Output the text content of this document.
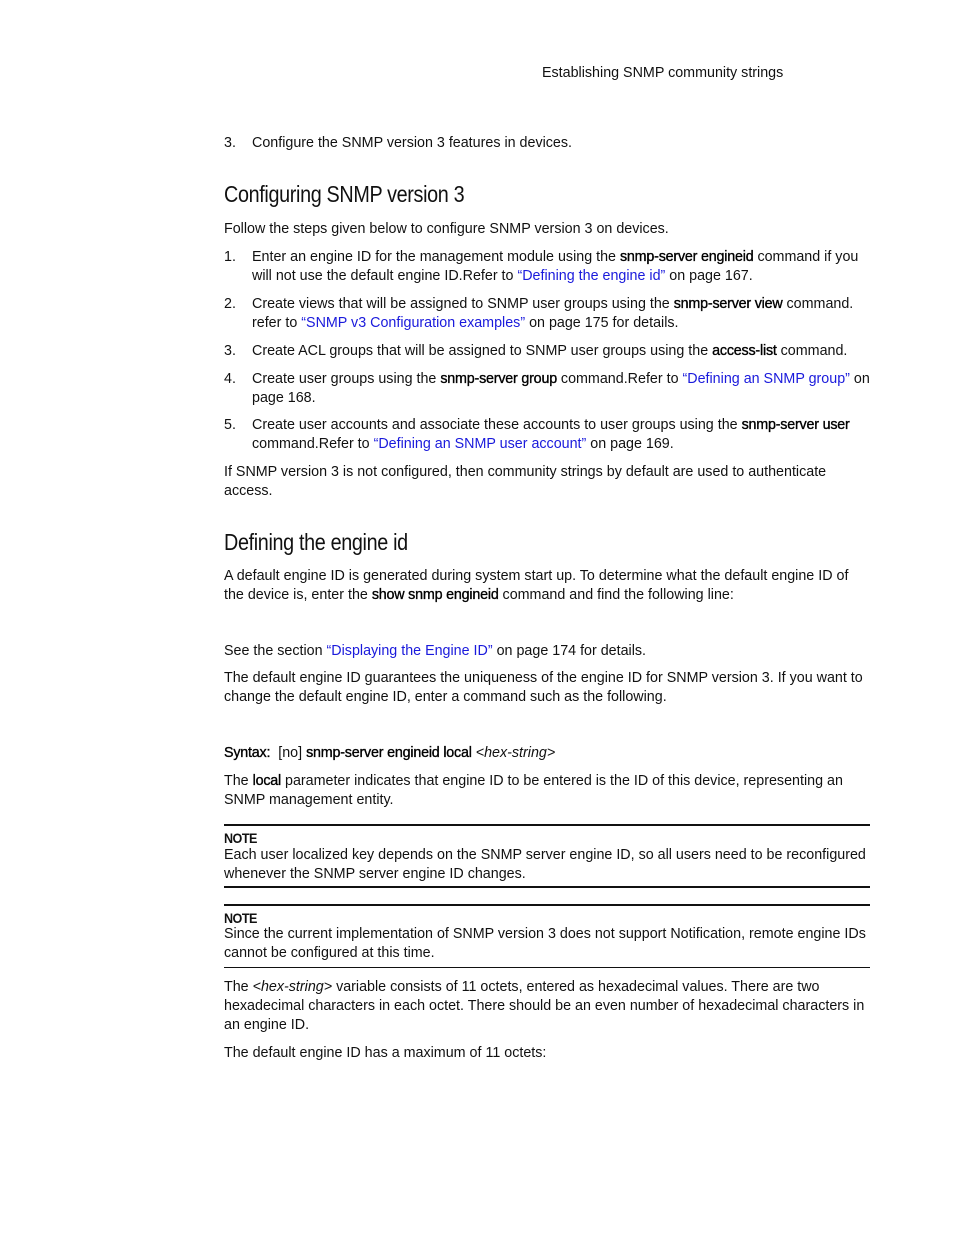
Establishing SNMP community strings
3. Configure the SNMP version 3 features in devices.
Configuring SNMP version 3
Follow the steps given below to configure SNMP version 3 on devices.
1. Enter an engine ID for the management module using the snmp-server engineid command if you will not use the default engine ID.Refer to “Defining the engine id” on page 167.
2. Create views that will be assigned to SNMP user groups using the snmp-server view command. refer to “SNMP v3 Configuration examples” on page 175 for details.
3. Create ACL groups that will be assigned to SNMP user groups using the access-list command.
4. Create user groups using the snmp-server group command.Refer to “Defining an SNMP group” on page 168.
5. Create user accounts and associate these accounts to user groups using the snmp-server user command.Refer to “Defining an SNMP user account” on page 169.
If SNMP version 3 is not configured, then community strings by default are used to authenticate access.
Defining the engine id
A default engine ID is generated during system start up. To determine what the default engine ID of the device is, enter the show snmp engineid command and find the following line:
See the section “Displaying the Engine ID” on page 174 for details.
The default engine ID guarantees the uniqueness of the engine ID for SNMP version 3. If you want to change the default engine ID, enter a command such as the following.
Syntax: [no] snmp-server engineid local <hex-string>
The local parameter indicates that engine ID to be entered is the ID of this device, representing an SNMP management entity.
NOTE
Each user localized key depends on the SNMP server engine ID, so all users need to be reconfigured whenever the SNMP server engine ID changes.
NOTE
Since the current implementation of SNMP version 3 does not support Notification, remote engine IDs cannot be configured at this time.
The <hex-string> variable consists of 11 octets, entered as hexadecimal values. There are two hexadecimal characters in each octet. There should be an even number of hexadecimal characters in an engine ID.
The default engine ID has a maximum of 11 octets:
